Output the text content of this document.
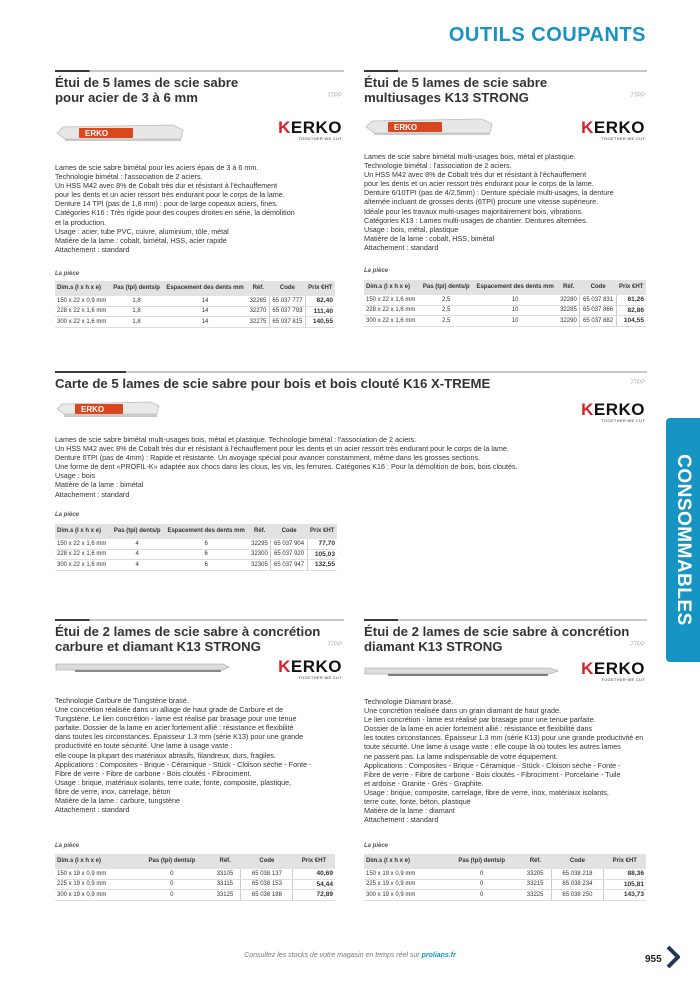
OUTILS COUPANTS
CONSOMMABLES
Étui de 5 lames de scie sabre
pour acier de 3 à 6 mm	77PP
ERKO	KERKO
TOGETHER WE CUT
Lames de scie sabre bimétal pour les aciers épais de 3 à 6 mm.
Technologie bimétal : l'association de 2 aciers.
Un HSS M42 avec 8% de Cobalt très dur et résistant à l'échauffement
pour les dents et un acier ressort très endurant pour le corps de la lame.
Denture 14 TPI (pas de 1,8 mm) : pour de large copeaux aciers, fines.
Catégories K16 : Très rigide pour des coupes droites en série, la démolition
et la production.
Usage : acier, tube PVC, cuivre, aluminium, tôle, métal
Matière de la lame : cobalt, bimétal, HSS, acier rapide
Attachement : standard
La pièce
Dim.s (l x h x e)	Pas (tpi) dents/p	Espacement des dents mm	Réf.	Code	Prix €HT
150 x 22 x 0,9 mm	1,8	14	32265	65 037 777	82,40
228 x 22 x 1,6 mm	1,8	14	32270	65 037 793	111,40
300 x 22 x 1,6 mm	1,8	14	32275	65 037 815	140,55
Étui de 5 lames de scie sabre
multiusages K13 STRONG	77PP
ERKO	KERKO
TOGETHER WE CUT
Lames de scie sabre bimétal multi-usages bois, métal et plastique.
Technologie bimétal : l'association de 2 aciers.
Un HSS M42 avec 8% de Cobalt très dur et résistant à l'échauffement
pour les dents et un acier ressort très endurant pour le corps de la lame.
Denture 6/10TPI (pas de 4/2,5mm) : Denture spéciale multi-usages, la denture
alternée incluant de grosses dents (6TPI) procure une vitesse supérieure.
Idéale pour les travaux multi-usages majoritairement bois, vibrations.
Catégories K13 : Lames multi-usages de chantier. Dentures alternées.
Usage : bois, métal, plastique
Matière de la lame : cobalt, HSS, bimétal
Attachement : standard
La pièce
Dim.s (l x h x e)	Pas (tpi) dents/p	Espacement des dents mm	Réf.	Code	Prix €HT
150 x 22 x 1,6 mm	2,5	10	32280	65 037 831	61,26
228 x 22 x 1,6 mm	2,5	10	32285	65 037 866	82,86
300 x 22 x 1,6 mm	2,5	10	32290	65 037 882	104,55
Carte de 5 lames de scie sabre pour bois et bois clouté K16 X-TREME	77PP
ERKO	KERKO
TOGETHER WE CUT
Lames de scie sabre bimétal multi-usages bois, métal et plastique. Technologie bimétal : l'association de 2 aciers.
Un HSS M42 avec 8% de Cobalt très dur et résistant à l'échauffement pour les dents et un acier ressort très endurant pour le corps de la lame.
Denture 6TPI (pas de 4mm) : Rapide et résistante. Un avoyage spécial pour avancer constamment, même dans les grosses sections.
Une forme de dent «PROFIL-K» adaptée aux chocs dans les clous, les vis, les ferrures. Catégories K16 : Pour la démolition de bois, bois cloutés.
Usage : bois
Matière de la lame : bimétal
Attachement : standard
La pièce
Dim.s (l x h x e)	Pas (tpi) dents/p	Espacement des dents mm	Réf.	Code	Prix €HT
150 x 22 x 1,6 mm	4	6	32295	65 037 904	77,70
228 x 22 x 1,6 mm	4	6	32300	65 037 920	105,03
300 x 22 x 1,6 mm	4	6	32305	65 037 947	132,55
Étui de 2 lames de scie sabre à concrétion
carbure et diamant K13 STRONG	77PP
KERKO
TOGETHER WE CUT
Technologie Carbure de Tungstène brasé.
Une concrétion réalisée dans un alliage de haut grade de Carbure et de
Tungstène. Le lien concrétion - lame est réalisé par brasage pour une tenue
parfaite. Dossier de la lame en acier fortement allié : résistance et flexibilité
dans toutes les circonstances. Épaisseur 1.3 mm (série K13) pour une grande
productivité en toute sécurité. Une lame à usage vaste :
elle coupe la plupart des matériaux abrasifs, filandreux, durs, fragiles.
Applications : Composites - Brique - Céramique - Stück - Cloison sèche - Fonte -
Fibre de verre - Fibre de carbone - Bois cloutés - Fibrociment.
Usage : brique, matériaux isolants, terre cuite, fonte, composite, plastique,
fibre de verre, inox, carrelage, béton
Matière de la lame : carbure, tungstène
Attachement : standard
La pièce
Dim.s (l x h x e)	Pas (tpi) dents/p	Réf.	Code	Prix €HT
150 x 19 x 0,9 mm	0	33105	65 038 137	40,69
225 x 19 x 0,9 mm	0	33115	65 038 153	54,44
300 x 19 x 0,9 mm	0	33125	65 038 188	72,89
Étui de 2 lames de scie sabre à concrétion
diamant K13 STRONG	77PP
KERKO
TOGETHER WE CUT
Technologie Diamant brasé.
Une concrétion réalisée dans un grain diamant de haut grade.
Le lien concrétion - lame est réalisé par brasage pour une tenue parfaite.
Dossier de la lame en acier fortement allié : résistance et flexibilité dans
les toutes circonstances. Épaisseur 1.3 mm (série K13) pour une grande productivité en
toute sécurité. Une lame à usage vaste : elle coupe là où toutes les autres lames
ne passent pas. La lame indispensable de votre équipement.
Applications : Composites - Brique - Céramique - Stück - Cloison sèche - Fonte -
Fibre de verre - Fibre de carbone - Bois cloutés - Fibrociment - Porcelaine - Tuile
et ardoise - Granite - Grès - Graphite.
Usage : brique, composite, carrelage, fibre de verre, inox, matériaux isolants,
terre cuite, fonte, béton, plastique
Matière de la lame : diamant
Attachement : standard
La pièce
Dim.s (l x h x e)	Pas (tpi) dents/p	Réf.	Code	Prix €HT
150 x 19 x 0,9 mm	0	33205	65 038 218	88,36
225 x 19 x 0,9 mm	0	33215	65 038 234	105,81
300 x 19 x 0,9 mm	0	33225	65 038 250	143,73
Consultez les stocks de votre magasin en temps réel sur prolians.fr	955
